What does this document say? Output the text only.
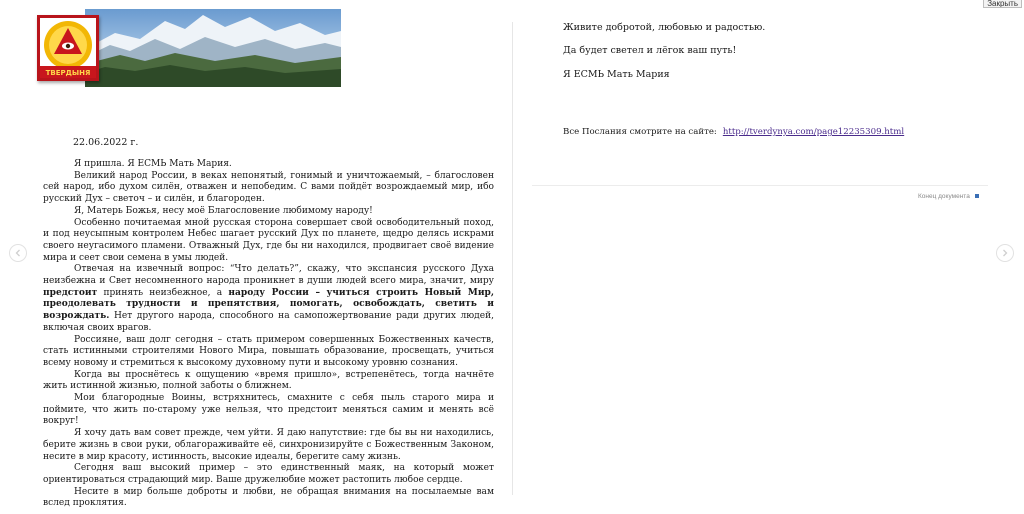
Закрыть
ТВЕРДЫНЯ
22.06.2022 г.

Я пришла. Я ЕСМЬ Мать Мария.

Великий народ России, в веках непонятый, гонимый и уничтожаемый, – благословен сей народ, ибо духом силён, отважен и непобедим. С вами пойдёт возрождаемый мир, ибо русский Дух – светоч – и силён, и благороден.

Я, Матерь Божья, несу моё Благословение любимому народу!

Особенно почитаемая мной русская сторона совершает свой освободительный поход, и под неусыпным контролем Небес шагает русский Дух по планете, щедро делясь искрами своего неугасимого пламени. Отважный Дух, где бы ни находился, продвигает своё видение мира и сеет свои семена в умы людей.

Отвечая на извечный вопрос: “Что делать?”, скажу, что экспансия русского Духа неизбежна и Свет несомненного народа проникнет в души людей всего мира, значит, миру предстоит принять неизбежное, а народу России – учиться строить Новый Мир, преодолевать трудности и препятствия, помогать, освобождать, светить и возрождать. Нет другого народа, способного на самопожертвование ради других людей, включая своих врагов.

Россияне, ваш долг сегодня – стать примером совершенных Божественных качеств, стать истинными строителями Нового Мира, повышать образование, просвещать, учиться всему новому и стремиться к высокому духовному пути и высокому уровню сознания.

Когда вы проснётесь к ощущению «время пришло», встрепенётесь, тогда начнёте жить истинной жизнью, полной заботы о ближнем.

Мои благородные Воины, встряхнитесь, смахните с себя пыль старого мира и поймите, что жить по-старому уже нельзя, что предстоит меняться самим и менять всё вокруг!

Я хочу дать вам совет прежде, чем уйти. Я даю напутствие: где бы вы ни находились, берите жизнь в свои руки, облагораживайте её, синхронизируйте с Божественным Законом, несите в мир красоту, истинность, высокие идеалы, берегите саму жизнь.

Сегодня ваш высокий пример – это единственный маяк, на который может ориентироваться страдающий мир. Ваше дружелюбие может растопить любое сердце.

Несите в мир больше доброты и любви, не обращая внимания на посылаемые вам вслед проклятия.

Живите добротой, любовью и радостью.
Да будет светел и лёгок ваш путь!
Я ЕСМЬ Мать Мария
Все Послания смотрите на сайте: http://tverdynya.com/page12235309.html
Конец документа
